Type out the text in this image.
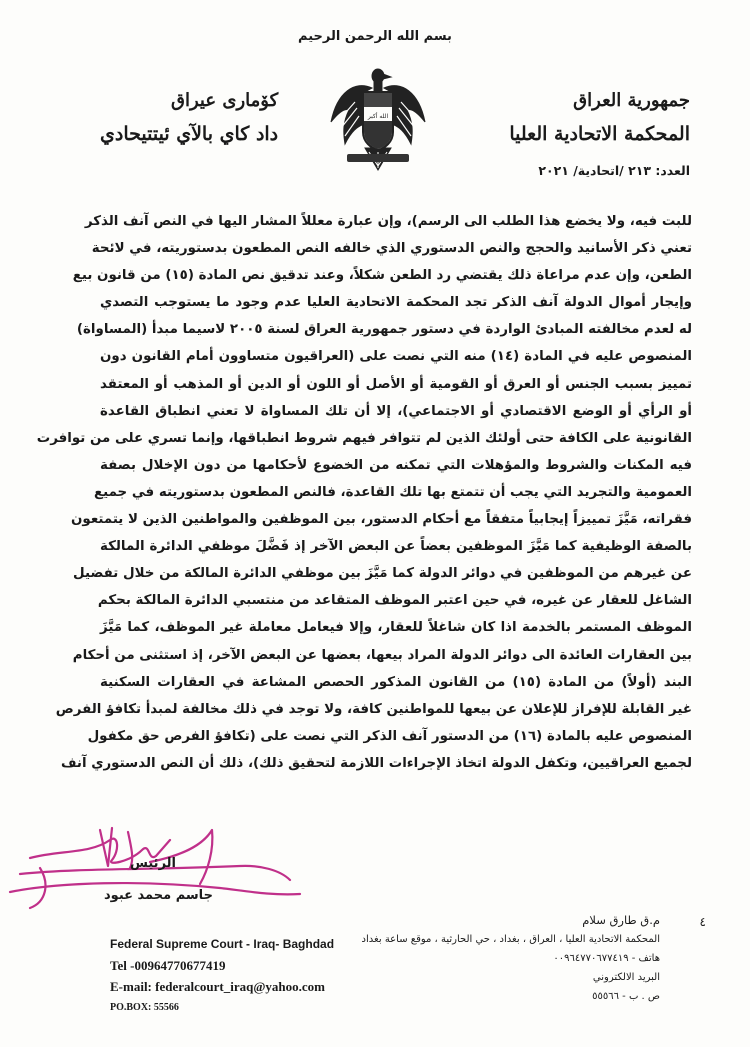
بسم الله الرحمن الرحيم
جمهورية العراق
المحكمة الاتحادية العليا
كوٚمارى عيراق
داد كاي بالآي ئيتتيحادي
الله أكبر
العدد: ٢١٣ /اتحادية/ ٢٠٢١

للبت فيه، ولا يخضع هذا الطلب الى الرسم)، وإن عبارة معللاً المشار اليها في النص آنف الذكر

تعني ذكر الأسانيد والحجج والنص الدستوري الذي خالفه النص المطعون بدستوريته، في لائحة

الطعن، وإن عدم مراعاة ذلك يقتضي رد الطعن شكلاً، وعند تدقيق نص المادة (١٥) من قانون بيع

وإيجار أموال الدولة آنف الذكر تجد المحكمة الاتحادية العليا عدم وجود ما يستوجب التصدي

له لعدم مخالفته المبادئ الواردة في دستور جمهورية العراق لسنة ٢٠٠٥ لاسيما مبدأ (المساواة)

المنصوص عليه في المادة (١٤) منه التي نصت على (العراقيون متساوون أمام القانون دون

تمييز بسبب الجنس أو العرق أو القومية أو الأصل أو اللون أو الدين أو المذهب أو المعتقد

أو الرأي أو الوضع الاقتصادي أو الاجتماعي)، إلا أن تلك المساواة لا تعني انطباق القاعدة

القانونية على الكافة حتى أولئك الذين لم تتوافر فيهم شروط انطباقها، وإنما تسري على من توافرت

فيه المكنات والشروط والمؤهلات التي تمكنه من الخضوع لأحكامها من دون الإخلال بصفة

العمومية والتجريد التي يجب أن تتمتع بها تلك القاعدة، فالنص المطعون بدستوريته في جميع

فقراته، مَيَّزَ تمييزاً إيجابياً متفقاً مع أحكام الدستور، بين الموظفين والمواطنين الذين لا يتمتعون

بالصفة الوظيفية كما مَيَّزَ الموظفين بعضاً عن البعض الآخر إذ فَضَّلَ موظفي الدائرة المالكة

عن غيرهم من الموظفين في دوائر الدولة كما مَيَّزَ بين موظفي الدائرة المالكة من خلال تفضيل

الشاغل للعقار عن غيره، في حين اعتبر الموظف المتقاعد من منتسبي الدائرة المالكة بحكم

الموظف المستمر بالخدمة اذا كان شاغلاً للعقار، وإلا فيعامل معاملة غير الموظف، كما مَيَّزَ

بين العقارات العائدة الى دوائر الدولة المراد بيعها، بعضها عن البعض الآخر، إذ استثنى من أحكام

البند (أولاً) من المادة (١٥) من القانون المذكور الحصص المشاعة في العقارات السكنية

غير القابلة للإفراز للإعلان عن بيعها للمواطنين كافة، ولا توجد في ذلك مخالفة لمبدأ تكافؤ الفرص

المنصوص عليه بالمادة (١٦) من الدستور آنف الذكر التي نصت على (تكافؤ الفرص حق مكفول

لجميع العراقيين، وتكفل الدولة اتخاذ الإجراءات اللازمة لتحقيق ذلك)، ذلك أن النص الدستوري آنف

الرئيس
جاسم محمد عبود
٤
م.ق طارق سلام
المحكمة الاتحادية العليا ، العراق ، بغداد ، حي الحارثية ، موقع ساعة بغداد
هاتف - ٠٠٩٦٤٧٧٠٦٧٧٤١٩
البريد الالكتروني
ص . ب - ٥٥٥٦٦
Federal Supreme Court - Iraq- Baghdad
Tel -00964770677419
E-mail: federalcourt_iraq@yahoo.com
PO.BOX: 55566
